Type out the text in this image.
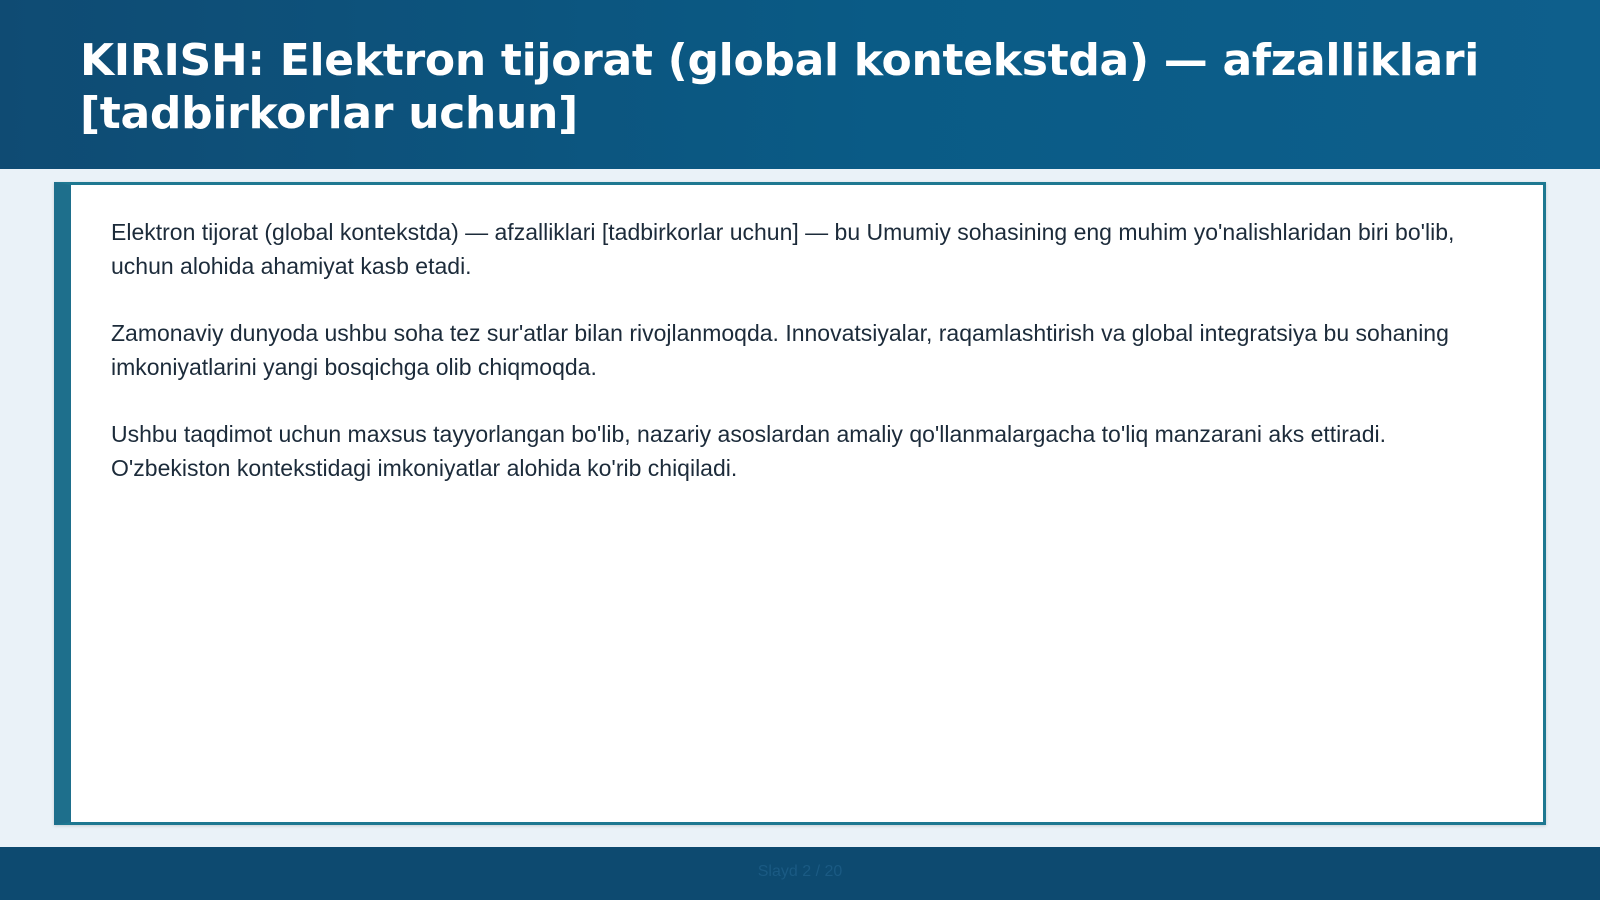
KIRISH: Elektron tijorat (global kontekstda) — afzalliklari [tadbirkorlar uchun]

Elektron tijorat (global kontekstda) — afzalliklari [tadbirkorlar uchun] — bu Umumiy sohasining eng muhim yo'nalishlaridan biri bo'lib, uchun alohida ahamiyat kasb etadi.

Zamonaviy dunyoda ushbu soha tez sur'atlar bilan rivojlanmoqda. Innovatsiyalar, raqamlashtirish va global integratsiya bu sohaning imkoniyatlarini yangi bosqichga olib chiqmoqda.

Ushbu taqdimot uchun maxsus tayyorlangan bo'lib, nazariy asoslardan amaliy qo'llanmalargacha to'liq manzarani aks ettiradi. O'zbekiston kontekstidagi imkoniyatlar alohida ko'rib chiqiladi.

Slayd 2 / 20
